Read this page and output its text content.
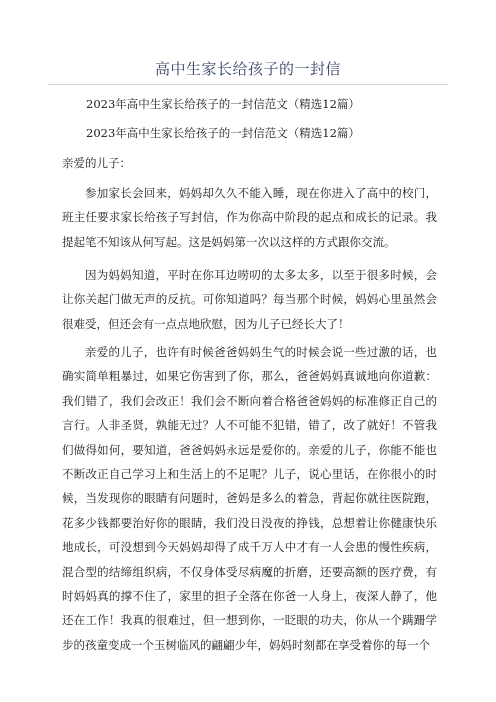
高中生家长给孩子的一封信
2023年高中生家长给孩子的一封信范文（精选12篇）
2023年高中生家长给孩子的一封信范文（精选12篇）
亲爱的儿子：
参加家长会回来，妈妈却久久不能入睡，现在你进入了高中的校门，班主任要求家长给孩子写封信，作为你高中阶段的起点和成长的记录。我提起笔不知该从何写起。这是妈妈第一次以这样的方式跟你交流。
因为妈妈知道，平时在你耳边唠叨的太多太多，以至于很多时候，会让你关起门做无声的反抗。可你知道吗？每当那个时候，妈妈心里虽然会很难受，但还会有一点点地欣慰，因为儿子已经长大了！
亲爱的儿子，也许有时候爸爸妈妈生气的时候会说一些过激的话，也确实简单粗暴过，如果它伤害到了你，那么，爸爸妈妈真诚地向你道歉：我们错了，我们会改正！我们会不断向着合格爸爸妈妈的标准修正自己的言行。人非圣贤，孰能无过？人不可能不犯错，错了，改了就好！不管我们做得如何，要知道，爸爸妈妈永远是爱你的。亲爱的儿子，你能不能也不断改正自己学习上和生活上的不足呢？儿子，说心里话，在你很小的时候，当发现你的眼睛有问题时，爸妈是多么的着急，背起你就往医院跑，花多少钱都要治好你的眼睛，我们没日没夜的挣钱，总想着让你健康快乐地成长，可没想到今天妈妈却得了成千万人中才有一人会患的慢性疾病，混合型的结缔组织病，不仅身体受尽病魔的折磨，还要高额的医疗费，有时妈妈真的撑不住了，家里的担子全落在你爸一人身上，夜深人静了，他还在工作！我真的很难过，但一想到你，一眨眼的功夫，你从一个蹒跚学步的孩童变成一个玉树临风的翩翩少年，妈妈时刻都在享受着你的每一个
